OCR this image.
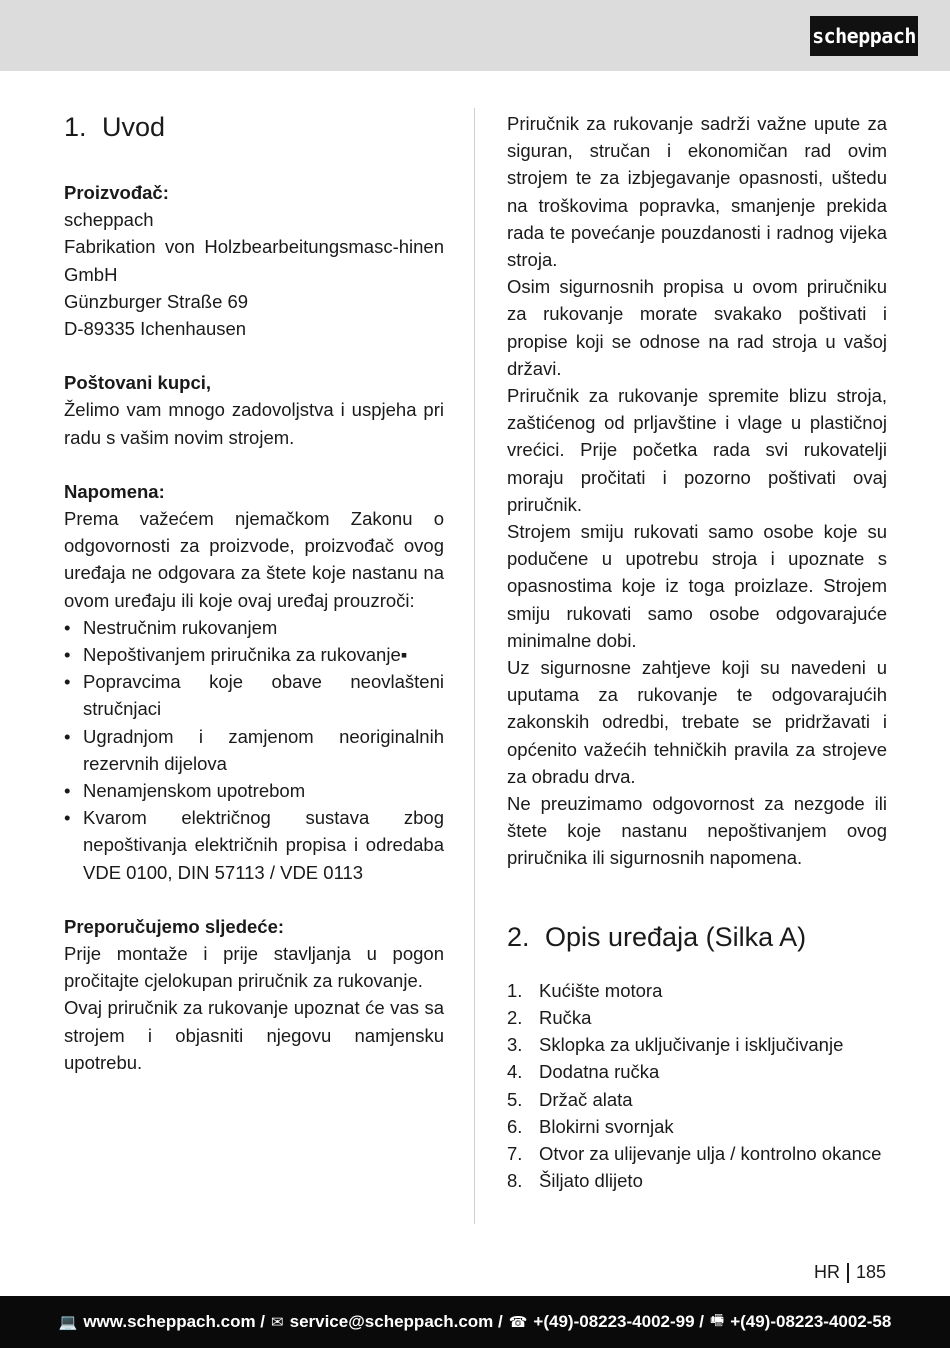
scheppach
1. Uvod

Proizvođač:

scheppach

Fabrikation von Holzbearbeitungsmasc-hinen GmbH

Günzburger Straße 69

D-89335 Ichenhausen

Poštovani kupci,

Želimo vam mnogo zadovoljstva i uspjeha pri radu s vašim novim strojem.

Napomena:

Prema važećem njemačkom Zakonu o odgovornosti za proizvode, proizvođač ovog uređaja ne odgovara za štete koje nastanu na ovom uređaju ili koje ovaj uređaj prouzroči:

• Nestručnim rukovanjem
• Nepoštivanjem priručnika za rukovanje▪
• Popravcima koje obave neovlašteni stručnjaci
• Ugradnjom i zamjenom neoriginalnih rezervnih dijelova
• Nenamjenskom upotrebom
• Kvarom električnog sustava zbog nepoštivanja električnih propisa i odredaba VDE 0100, DIN 57113 / VDE 0113

Preporučujemo sljedeće:

Prije montaže i prije stavljanja u pogon pročitajte cjelokupan priručnik za rukovanje.

Ovaj priručnik za rukovanje upoznat će vas sa strojem i objasniti njegovu namjensku upotrebu.

Priručnik za rukovanje sadrži važne upute za siguran, stručan i ekonomičan rad ovim strojem te za izbjegavanje opasnosti, uštedu na troškovima popravka, smanjenje prekida rada te povećanje pouzdanosti i radnog vijeka stroja.

Osim sigurnosnih propisa u ovom priručniku za rukovanje morate svakako poštivati i propise koji se odnose na rad stroja u vašoj državi.

Priručnik za rukovanje spremite blizu stroja, zaštićenog od prljavštine i vlage u plastičnoj vrećici. Prije početka rada svi rukovatelji moraju pročitati i pozorno poštivati ovaj priručnik.

Strojem smiju rukovati samo osobe koje su podučene u upotrebu stroja i upoznate s opasnostima koje iz toga proizlaze. Strojem smiju rukovati samo osobe odgovarajuće minimalne dobi.

Uz sigurnosne zahtjeve koji su navedeni u uputama za rukovanje te odgovarajućih zakonskih odredbi, trebate se pridržavati i općenito važećih tehničkih pravila za strojeve za obradu drva.

Ne preuzimamo odgovornost za nezgode ili štete koje nastanu nepoštivanjem ovog priručnika ili sigurnosnih napomena.

2. Opis uređaja (Silka A)
1. Kućište motora
2. Ručka
3. Sklopka za uključivanje i isključivanje
4. Dodatna ručka
5. Držač alata
6. Blokirni svornjak
7. Otvor za ulijevanje ulja / kontrolno okance
8. Šiljato dlijeto
HR 185
💻 www.scheppach.com / ✉ service@scheppach.com / ☎ +(49)-08223-4002-99 / 🖷 +(49)-08223-4002-58
